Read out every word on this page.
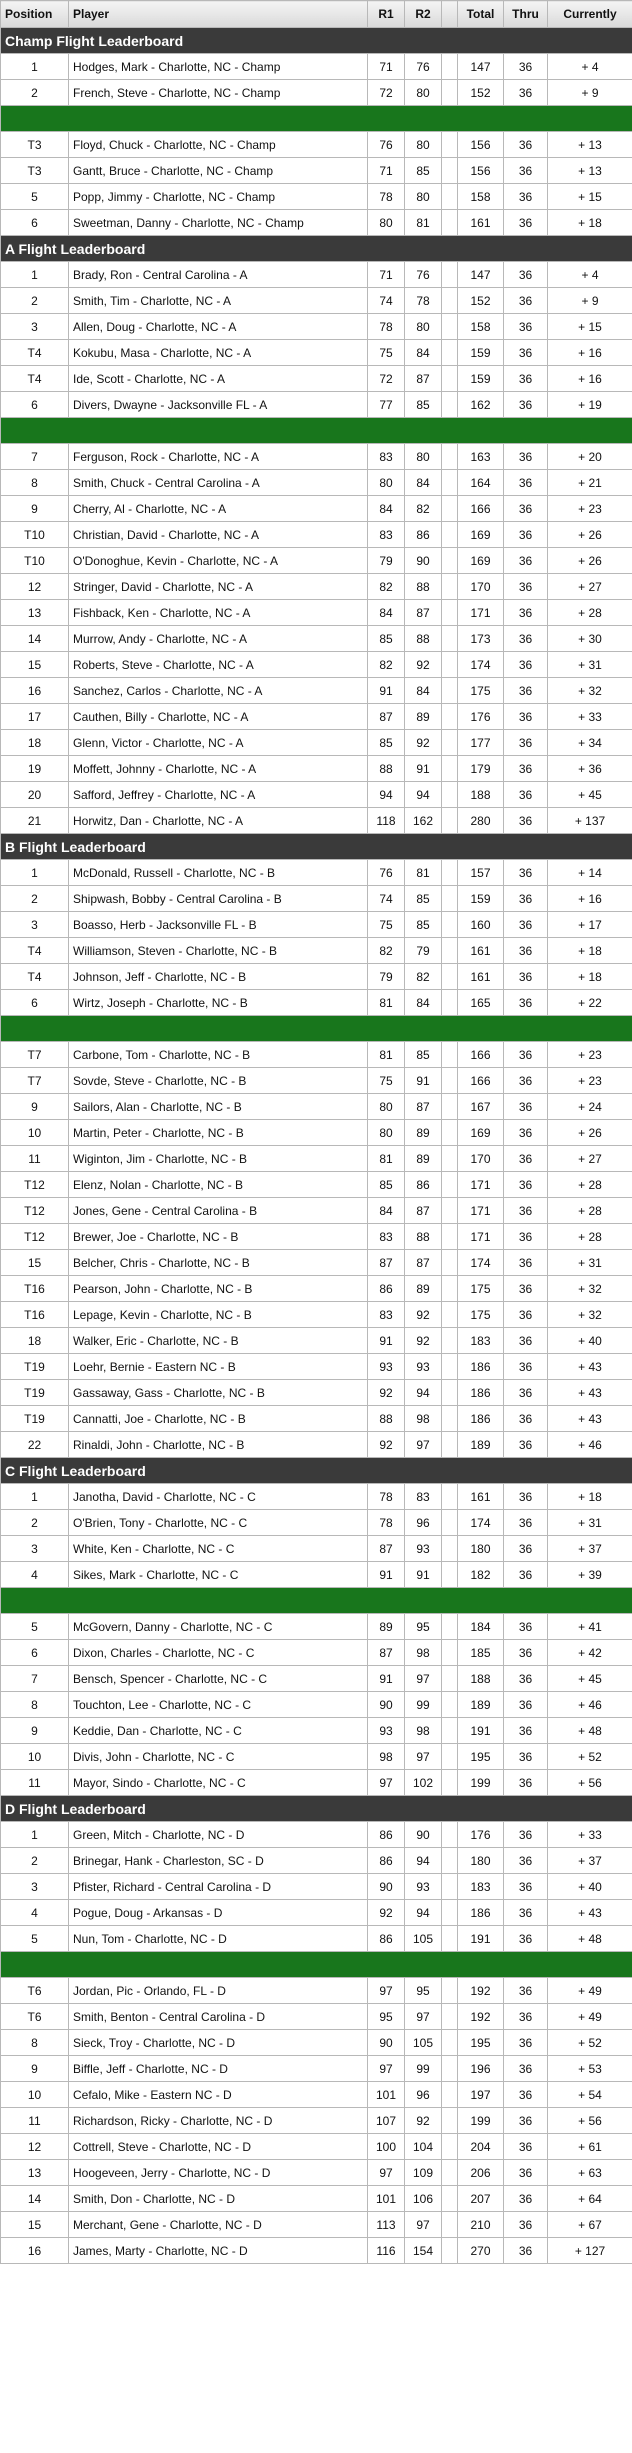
Position	Player	R1	R2		Total	Thru	Currently
Champ Flight Leaderboard							
1	Hodges, Mark - Charlotte, NC - Champ	71	76		147	36	+ 4
2	French, Steve - Charlotte, NC - Champ	72	80		152	36	+ 9

T3	Floyd, Chuck - Charlotte, NC - Champ	76	80		156	36	+ 13
T3	Gantt, Bruce - Charlotte, NC - Champ	71	85		156	36	+ 13
5	Popp, Jimmy - Charlotte, NC - Champ	78	80		158	36	+ 15
6	Sweetman, Danny - Charlotte, NC - Champ	80	81		161	36	+ 18
A Flight Leaderboard							
1	Brady, Ron - Central Carolina - A	71	76		147	36	+ 4
2	Smith, Tim - Charlotte, NC - A	74	78		152	36	+ 9
3	Allen, Doug - Charlotte, NC - A	78	80		158	36	+ 15
T4	Kokubu, Masa - Charlotte, NC - A	75	84		159	36	+ 16
T4	Ide, Scott - Charlotte, NC - A	72	87		159	36	+ 16
6	Divers, Dwayne - Jacksonville FL - A	77	85		162	36	+ 19

7	Ferguson, Rock - Charlotte, NC - A	83	80		163	36	+ 20
8	Smith, Chuck - Central Carolina - A	80	84		164	36	+ 21
9	Cherry, Al - Charlotte, NC - A	84	82		166	36	+ 23
T10	Christian, David - Charlotte, NC - A	83	86		169	36	+ 26
T10	O'Donoghue, Kevin - Charlotte, NC - A	79	90		169	36	+ 26
12	Stringer, David - Charlotte, NC - A	82	88		170	36	+ 27
13	Fishback, Ken - Charlotte, NC - A	84	87		171	36	+ 28
14	Murrow, Andy - Charlotte, NC - A	85	88		173	36	+ 30
15	Roberts, Steve - Charlotte, NC - A	82	92		174	36	+ 31
16	Sanchez, Carlos - Charlotte, NC - A	91	84		175	36	+ 32
17	Cauthen, Billy - Charlotte, NC - A	87	89		176	36	+ 33
18	Glenn, Victor - Charlotte, NC - A	85	92		177	36	+ 34
19	Moffett, Johnny - Charlotte, NC - A	88	91		179	36	+ 36
20	Safford, Jeffrey - Charlotte, NC - A	94	94		188	36	+ 45
21	Horwitz, Dan - Charlotte, NC - A	118	162		280	36	+ 137
B Flight Leaderboard							
1	McDonald, Russell - Charlotte, NC - B	76	81		157	36	+ 14
2	Shipwash, Bobby - Central Carolina - B	74	85		159	36	+ 16
3	Boasso, Herb - Jacksonville FL - B	75	85		160	36	+ 17
T4	Williamson, Steven - Charlotte, NC - B	82	79		161	36	+ 18
T4	Johnson, Jeff - Charlotte, NC - B	79	82		161	36	+ 18
6	Wirtz, Joseph - Charlotte, NC - B	81	84		165	36	+ 22

T7	Carbone, Tom - Charlotte, NC - B	81	85		166	36	+ 23
T7	Sovde, Steve - Charlotte, NC - B	75	91		166	36	+ 23
9	Sailors, Alan - Charlotte, NC - B	80	87		167	36	+ 24
10	Martin, Peter - Charlotte, NC - B	80	89		169	36	+ 26
11	Wiginton, Jim - Charlotte, NC - B	81	89		170	36	+ 27
T12	Elenz, Nolan - Charlotte, NC - B	85	86		171	36	+ 28
T12	Jones, Gene - Central Carolina - B	84	87		171	36	+ 28
T12	Brewer, Joe - Charlotte, NC - B	83	88		171	36	+ 28
15	Belcher, Chris - Charlotte, NC - B	87	87		174	36	+ 31
T16	Pearson, John - Charlotte, NC - B	86	89		175	36	+ 32
T16	Lepage, Kevin - Charlotte, NC - B	83	92		175	36	+ 32
18	Walker, Eric - Charlotte, NC - B	91	92		183	36	+ 40
T19	Loehr, Bernie - Eastern NC - B	93	93		186	36	+ 43
T19	Gassaway, Gass - Charlotte, NC - B	92	94		186	36	+ 43
T19	Cannatti, Joe - Charlotte, NC - B	88	98		186	36	+ 43
22	Rinaldi, John - Charlotte, NC - B	92	97		189	36	+ 46
C Flight Leaderboard							
1	Janotha, David - Charlotte, NC - C	78	83		161	36	+ 18
2	O'Brien, Tony - Charlotte, NC - C	78	96		174	36	+ 31
3	White, Ken - Charlotte, NC - C	87	93		180	36	+ 37
4	Sikes, Mark - Charlotte, NC - C	91	91		182	36	+ 39

5	McGovern, Danny - Charlotte, NC - C	89	95		184	36	+ 41
6	Dixon, Charles - Charlotte, NC - C	87	98		185	36	+ 42
7	Bensch, Spencer - Charlotte, NC - C	91	97		188	36	+ 45
8	Touchton, Lee - Charlotte, NC - C	90	99		189	36	+ 46
9	Keddie, Dan - Charlotte, NC - C	93	98		191	36	+ 48
10	Divis, John - Charlotte, NC - C	98	97		195	36	+ 52
11	Mayor, Sindo - Charlotte, NC - C	97	102		199	36	+ 56
D Flight Leaderboard							
1	Green, Mitch - Charlotte, NC - D	86	90		176	36	+ 33
2	Brinegar, Hank - Charleston, SC - D	86	94		180	36	+ 37
3	Pfister, Richard - Central Carolina - D	90	93		183	36	+ 40
4	Pogue, Doug - Arkansas - D	92	94		186	36	+ 43
5	Nun, Tom - Charlotte, NC - D	86	105		191	36	+ 48

T6	Jordan, Pic - Orlando, FL - D	97	95		192	36	+ 49
T6	Smith, Benton - Central Carolina - D	95	97		192	36	+ 49
8	Sieck, Troy - Charlotte, NC - D	90	105		195	36	+ 52
9	Biffle, Jeff - Charlotte, NC - D	97	99		196	36	+ 53
10	Cefalo, Mike - Eastern NC - D	101	96		197	36	+ 54
11	Richardson, Ricky - Charlotte, NC - D	107	92		199	36	+ 56
12	Cottrell, Steve - Charlotte, NC - D	100	104		204	36	+ 61
13	Hoogeveen, Jerry - Charlotte, NC - D	97	109		206	36	+ 63
14	Smith, Don - Charlotte, NC - D	101	106		207	36	+ 64
15	Merchant, Gene - Charlotte, NC - D	113	97		210	36	+ 67
16	James, Marty - Charlotte, NC - D	116	154		270	36	+ 127
